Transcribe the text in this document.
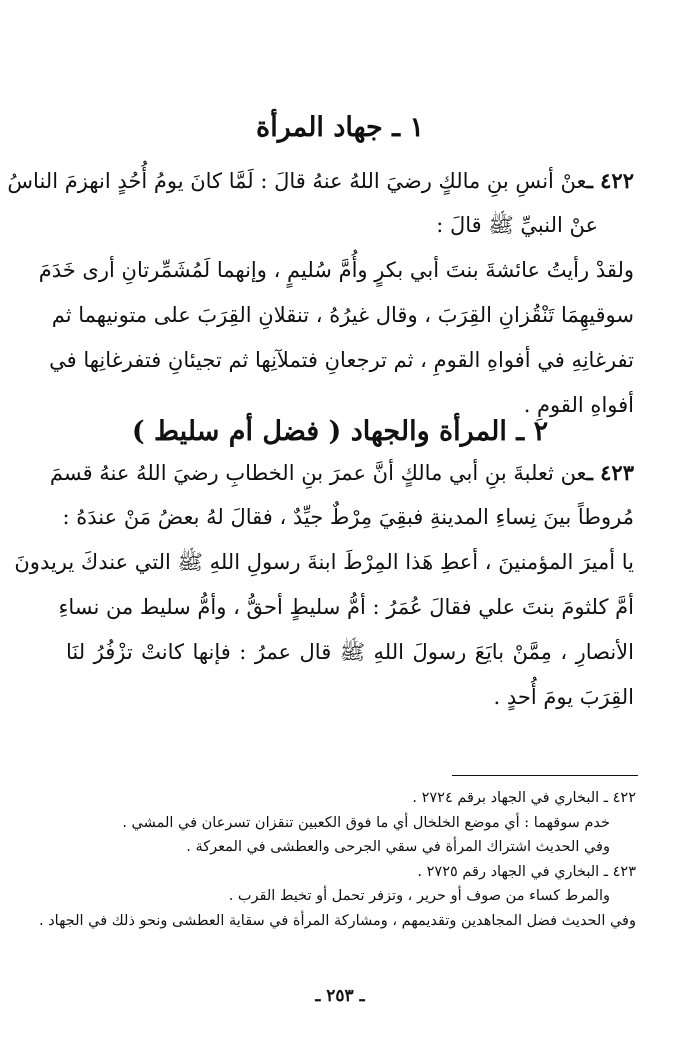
١ ـ جهاد المرأة
٤٢٢ ـعنْ أنسِ بنِ مالكٍ رضيَ اللهُ عنهُ قالَ : لَمَّا كانَ يومُ أُحُدٍ انهزمَ الناسُ
عنْ النبيِّ ﷺ قالَ :
ولقدْ رأيتُ عائشةَ بنتَ أبي بكرٍ وأُمَّ سُليمٍ ، وإنهما لَمُشَمِّرتانِ أرى خَدَمَ
سوقيهِمَا تَنْقُزانِ القِرَبَ ، وقال غيرُهُ ، تنقلانِ القِرَبَ على متونيهما ثم
تفرغانِهِ في أفواهِ القومِ ، ثم ترجعانِ فتملآنِها ثم تجيئانِ فتفرغانِها في
أفواهِ القومِ .
٢ ـ المرأة والجهاد ( فضل أم سليط )
٤٢٣ ـعن ثعلبةَ بنِ أبي مالكٍ أنَّ عمرَ بنِ الخطابِ رضيَ اللهُ عنهُ قسمَ
مُروطاً بينَ نِساءِ المدينةِ فبقِيَ مِرْطٌ جيِّدٌ ، فقالَ لهُ بعضُ مَنْ عندَهُ :
يا أميرَ المؤمنينَ ، أعطِ هَذا المِرْطَ ابنةَ رسولِ اللهِ ﷺ التي عندكَ يريدونَ
أمَّ كلثومَ بنتَ علي فقالَ عُمَرُ : أمُّ سليطٍ أحقُّ ، وأمُّ سليط من نساءِ
الأنصارِ ، مِمَّنْ بايَعَ رسولَ اللهِ ﷺ قال عمرُ : فإنها كانتْ تزْفُرُ لنَا
القِرَبَ يومَ أُحدٍ .
٤٢٢ ـ البخاري في الجهاد برقم ٢٧٢٤ .
خدم سوقهما : أي موضع الخلخال أي ما فوق الكعبين تنقزان تسرعان في المشي .
وفي الحديث اشتراك المرأة في سقي الجرحى والعطشى في المعركة .
٤٢٣ ـ البخاري في الجهاد رقم ٢٧٢٥ .
والمرط كساء من صوف أو حرير ، وتزفر تحمل أو تخيط القرب .
وفي الحديث فضل المجاهدين وتقديمهم ، ومشاركة المرأة في سقاية العطشى ونحو ذلك في الجهاد .
ـ ٢٥٣ ـ
